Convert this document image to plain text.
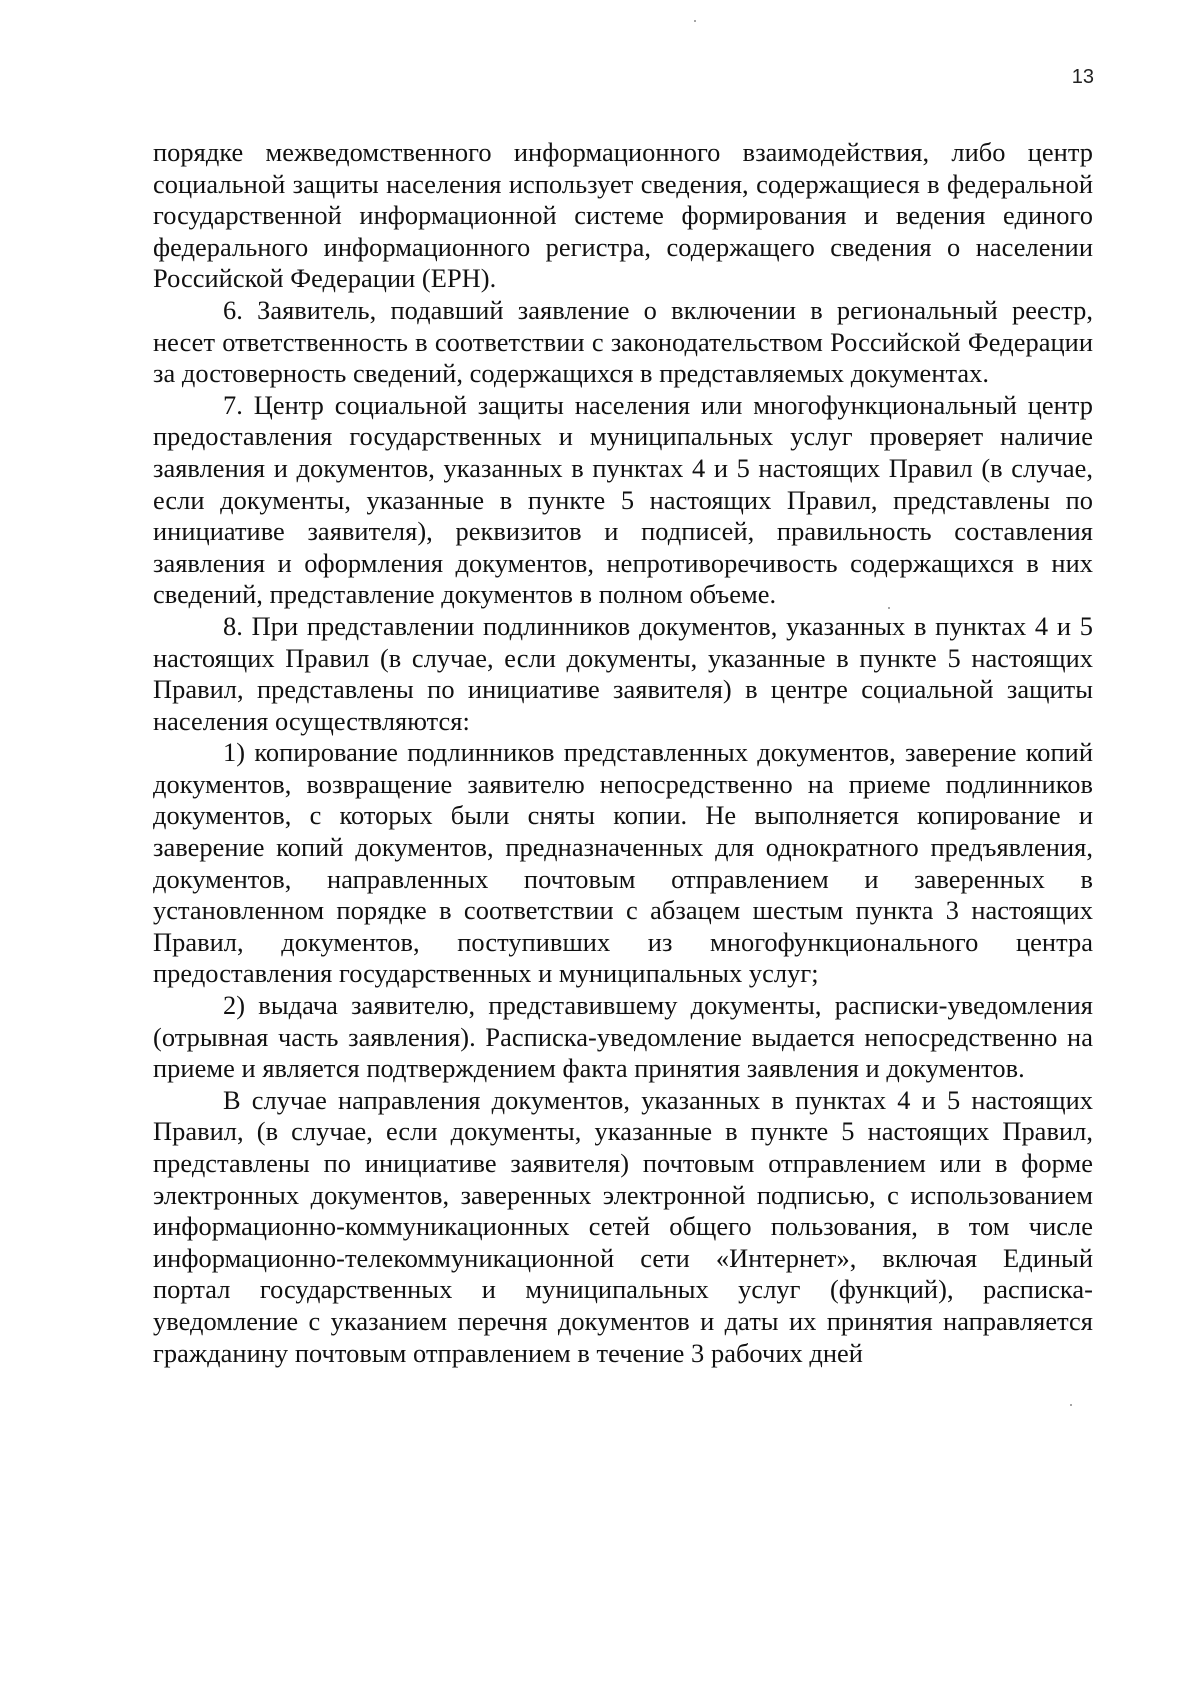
13

порядке межведомственного информационного взаимодействия, либо центр социальной защиты населения использует сведения, содержащиеся в федеральной государственной информационной системе формирования и ведения единого федерального информационного регистра, содержащего сведения о населении Российской Федерации (ЕРН).

6. Заявитель, подавший заявление о включении в региональный реестр, несет ответственность в соответствии с законодательством Российской Федерации за достоверность сведений, содержащихся в представляемых документах.

7. Центр социальной защиты населения или многофункциональный центр предоставления государственных и муниципальных услуг проверяет наличие заявления и документов, указанных в пунктах 4 и 5 настоящих Правил (в случае, если документы, указанные в пункте 5 настоящих Правил, представлены по инициативе заявителя), реквизитов и подписей, правильность составления заявления и оформления документов, непротиворечивость содержащихся в них сведений, представление документов в полном объеме.

8. При представлении подлинников документов, указанных в пунктах 4 и 5 настоящих Правил (в случае, если документы, указанные в пункте 5 настоящих Правил, представлены по инициативе заявителя) в центре социальной защиты населения осуществляются:

1) копирование подлинников представленных документов, заверение копий документов, возвращение заявителю непосредственно на приеме подлинников документов, с которых были сняты копии. Не выполняется копирование и заверение копий документов, предназначенных для однократного предъявления, документов, направленных почтовым отправлением и заверенных в установленном порядке в соответствии с абзацем шестым пункта 3 настоящих Правил, документов, поступивших из многофункционального центра предоставления государственных и муниципальных услуг;

2) выдача заявителю, представившему документы, расписки-уведомления (отрывная часть заявления). Расписка-уведомление выдается непосредственно на приеме и является подтверждением факта принятия заявления и документов.

В случае направления документов, указанных в пунктах 4 и 5 настоящих Правил, (в случае, если документы, указанные в пункте 5 настоящих Правил, представлены по инициативе заявителя) почтовым отправлением или в форме электронных документов, заверенных электронной подписью, с использованием информационно-коммуникационных сетей общего пользования, в том числе информационно-телекоммуникационной сети «Интернет», включая Единый портал государственных и муниципальных услуг (функций), расписка-уведомление с указанием перечня документов и даты их принятия направляется гражданину почтовым отправлением в течение 3 рабочих дней
